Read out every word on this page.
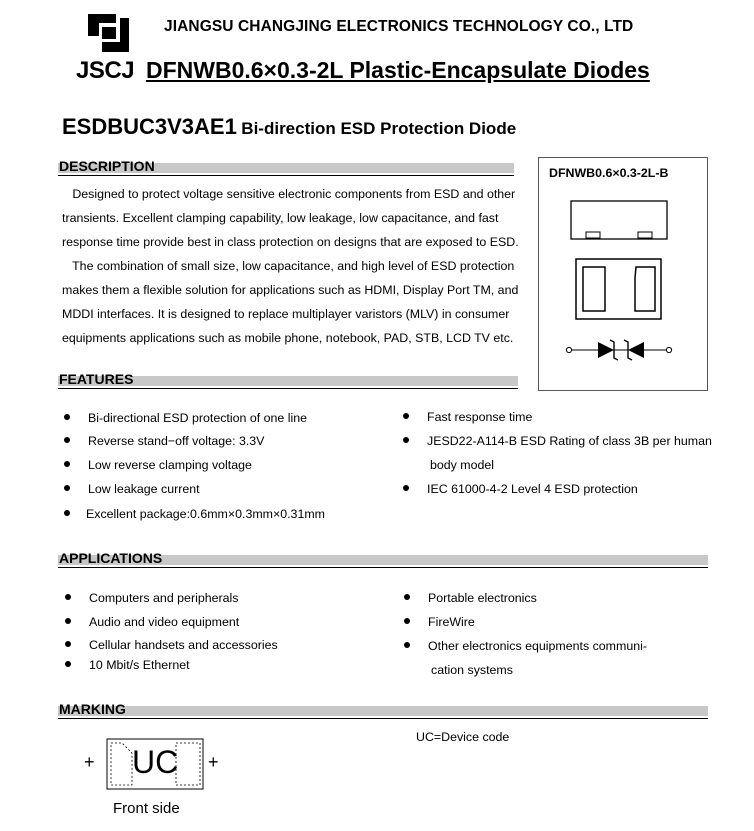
JSCJ
JIANGSU CHANGJING ELECTRONICS TECHNOLOGY CO., LTD
DFNWB0.6×0.3-2L Plastic-Encapsulate Diodes
ESDBUC3V3AE1 Bi-direction ESD Protection Diode
DESCRIPTION
Designed to protect voltage sensitive electronic components from ESD and other
transients. Excellent clamping capability, low leakage, low capacitance, and fast
response time provide best in class protection on designs that are exposed to ESD.
The combination of small size, low capacitance, and high level of ESD protection
makes them a flexible solution for applications such as HDMI, Display Port TM, and
MDDI interfaces. It is designed to replace multiplayer varistors (MLV) in consumer
equipments applications such as mobile phone, notebook, PAD, STB, LCD TV etc.
DFNWB0.6×0.3-2L-B
FEATURES
Bi-directional ESD protection of one line
Reverse stand−off voltage: 3.3V
Low reverse clamping voltage
Low leakage current
Excellent package:0.6mm×0.3mm×0.31mm
Fast response time
JESD22-A114-B ESD Rating of class 3B per human
body model
IEC 61000-4-2 Level 4 ESD protection
APPLICATIONS
Computers and peripherals
Audio and video equipment
Cellular handsets and accessories
10 Mbit/s Ethernet
Portable electronics
FireWire
Other electronics equipments communi-
cation systems
MARKING
UC=Device code
+	+
UC
Front side
